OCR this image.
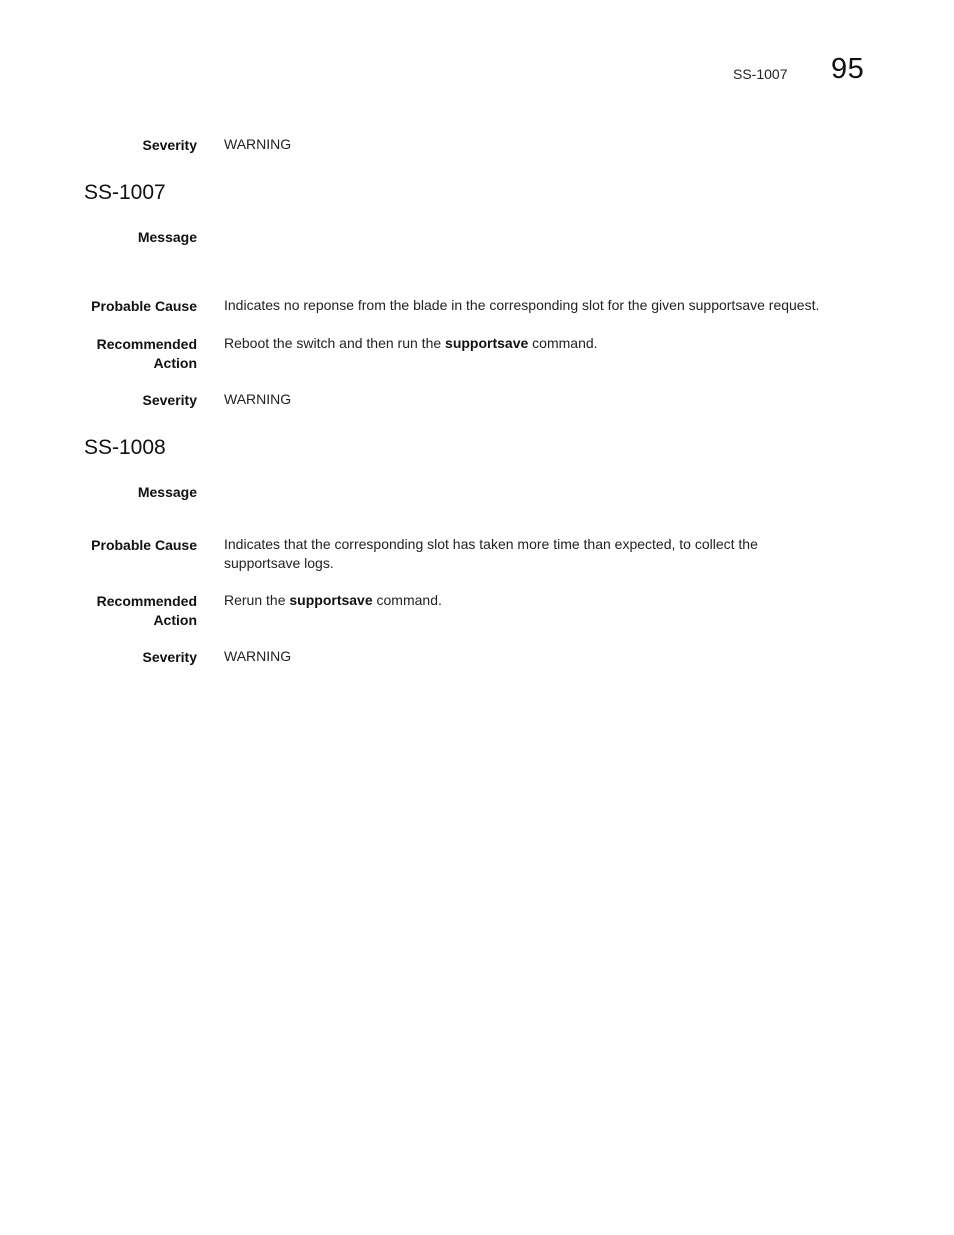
SS-1007 95
Severity WARNING
SS-1007
Message
Probable Cause Indicates no reponse from the blade in the corresponding slot for the given supportsave request.
Recommended
Action
Reboot the switch and then run the supportsave command.
Severity WARNING
SS-1008
Message
Probable Cause Indicates that the corresponding slot has taken more time than expected, to collect the
supportsave logs.
Recommended
Action
Rerun the supportsave command.
Severity WARNING
